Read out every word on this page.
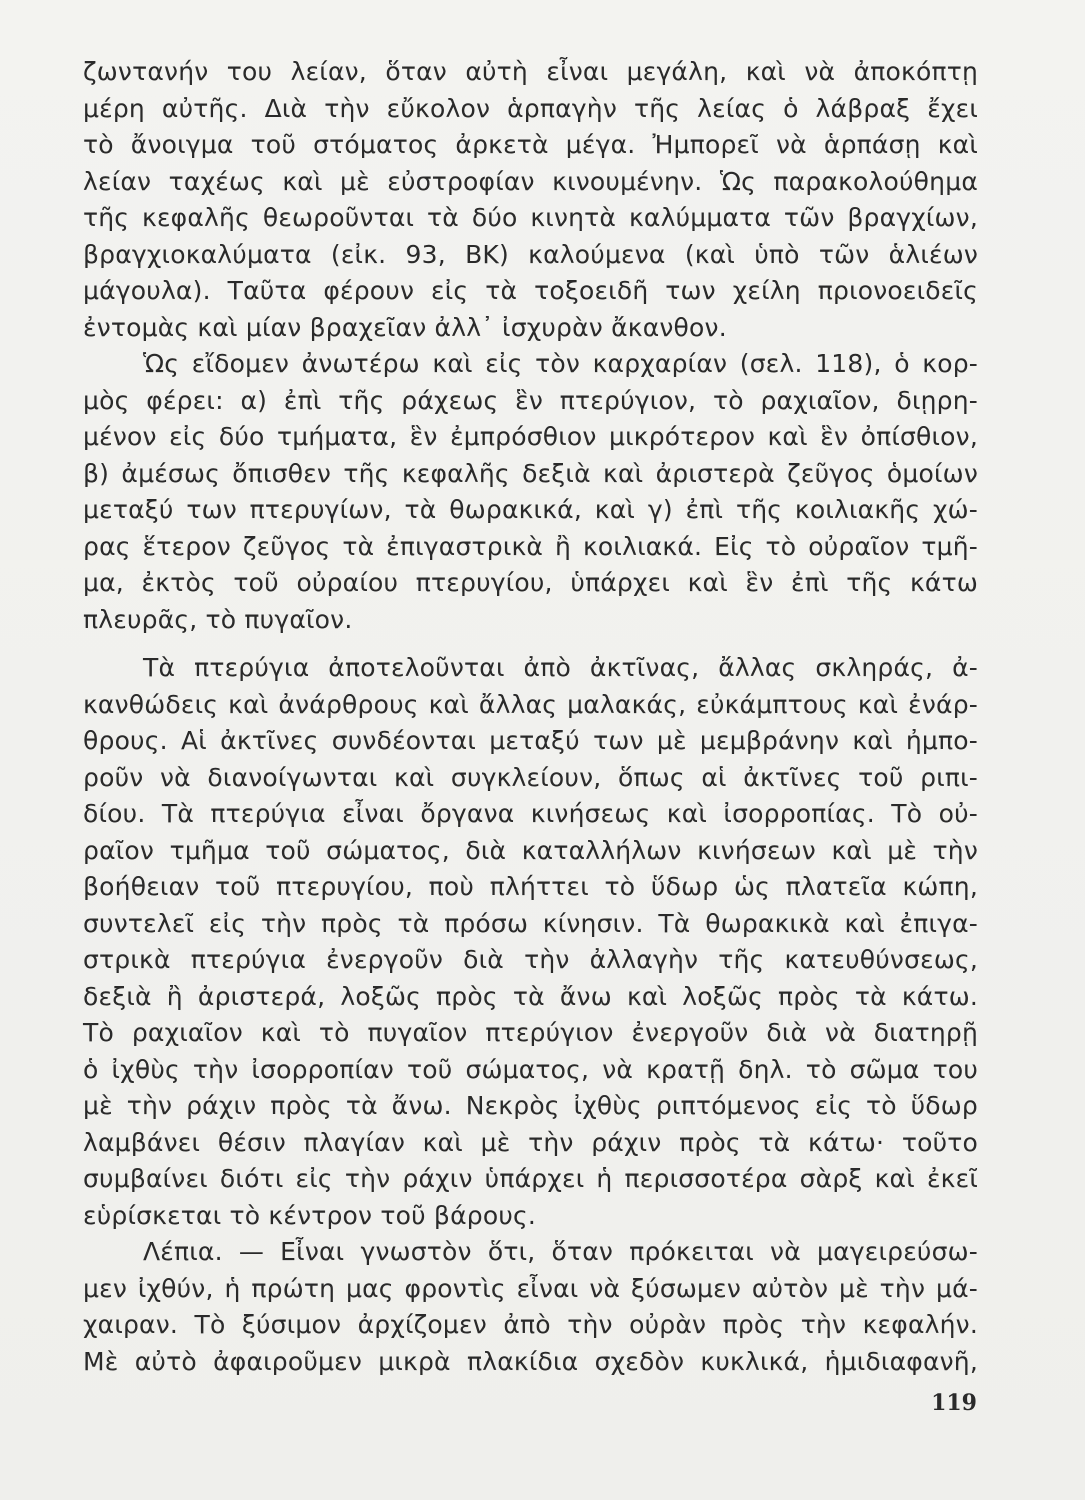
ζωντανήν του λείαν, ὅταν αὐτὴ εἶναι μεγάλη, καὶ νὰ ἀποκόπτῃ
μέρη αὐτῆς. Διὰ τὴν εὔκολον ἁρπαγὴν τῆς λείας ὁ λάβραξ ἔχει
τὸ ἄνοιγμα τοῦ στόματος ἀρκετὰ μέγα. Ἠμπορεῖ νὰ ἁρπάσῃ καὶ
λείαν ταχέως καὶ μὲ εὐστροφίαν κινουμένην. Ὡς παρακολούθημα
τῆς κεφαλῆς θεωροῦνται τὰ δύο κινητὰ καλύμματα τῶν βραγχίων,
βραγχιοκαλύματα (εἰκ. 93, ΒΚ) καλούμενα (καὶ ὑπὸ τῶν ἁλιέων
μάγουλα). Ταῦτα φέρουν εἰς τὰ τοξοειδῆ των χείλη πριονοειδεῖς
ἐντομὰς καὶ μίαν βραχεῖαν ἀλλ᾽ ἰσχυρὰν ἄκανθον.
Ὡς εἴδομεν ἀνωτέρω καὶ εἰς τὸν καρχαρίαν (σελ. 118), ὁ κορ-
μὸς φέρει: α) ἐπὶ τῆς ράχεως ἓν πτερύγιον, τὸ ραχιαῖον, διῃρη-
μένον εἰς δύο τμήματα, ἓν ἐμπρόσθιον μικρότερον καὶ ἓν ὀπίσθιον,
β) ἀμέσως ὄπισθεν τῆς κεφαλῆς δεξιὰ καὶ ἀριστερὰ ζεῦγος ὁμοίων
μεταξύ των πτερυγίων, τὰ θωρακικά, καὶ γ) ἐπὶ τῆς κοιλιακῆς χώ-
ρας ἕτερον ζεῦγος τὰ ἐπιγαστρικὰ ἢ κοιλιακά. Εἰς τὸ οὐραῖον τμῆ-
μα, ἐκτὸς τοῦ οὐραίου πτερυγίου, ὑπάρχει καὶ ἓν ἐπὶ τῆς κάτω
πλευρᾶς, τὸ πυγαῖον.
Τὰ πτερύγια ἀποτελοῦνται ἀπὸ ἀκτῖνας, ἄλλας σκληράς, ἀ-
κανθώδεις καὶ ἀνάρθρους καὶ ἄλλας μαλακάς, εὐκάμπτους καὶ ἐνάρ-
θρους. Αἱ ἀκτῖνες συνδέονται μεταξύ των μὲ μεμβράνην καὶ ἠμπο-
ροῦν νὰ διανοίγωνται καὶ συγκλείουν, ὅπως αἱ ἀκτῖνες τοῦ ριπι-
δίου. Τὰ πτερύγια εἶναι ὄργανα κινήσεως καὶ ἰσορροπίας. Τὸ οὐ-
ραῖον τμῆμα τοῦ σώματος, διὰ καταλλήλων κινήσεων καὶ μὲ τὴν
βοήθειαν τοῦ πτερυγίου, ποὺ πλήττει τὸ ὕδωρ ὡς πλατεῖα κώπη,
συντελεῖ εἰς τὴν πρὸς τὰ πρόσω κίνησιν. Τὰ θωρακικὰ καὶ ἐπιγα-
στρικὰ πτερύγια ἐνεργοῦν διὰ τὴν ἀλλαγὴν τῆς κατευθύνσεως,
δεξιὰ ἢ ἀριστερά, λοξῶς πρὸς τὰ ἄνω καὶ λοξῶς πρὸς τὰ κάτω.
Τὸ ραχιαῖον καὶ τὸ πυγαῖον πτερύγιον ἐνεργοῦν διὰ νὰ διατηρῇ
ὁ ἰχθὺς τὴν ἰσορροπίαν τοῦ σώματος, νὰ κρατῇ δηλ. τὸ σῶμα του
μὲ τὴν ράχιν πρὸς τὰ ἄνω. Νεκρὸς ἰχθὺς ριπτόμενος εἰς τὸ ὕδωρ
λαμβάνει θέσιν πλαγίαν καὶ μὲ τὴν ράχιν πρὸς τὰ κάτω· τοῦτο
συμβαίνει διότι εἰς τὴν ράχιν ὑπάρχει ἡ περισσοτέρα σὰρξ καὶ ἐκεῖ
εὑρίσκεται τὸ κέντρον τοῦ βάρους.
Λέπια. — Εἶναι γνωστὸν ὅτι, ὅταν πρόκειται νὰ μαγειρεύσω-
μεν ἰχθύν, ἡ πρώτη μας φροντὶς εἶναι νὰ ξύσωμεν αὐτὸν μὲ τὴν μά-
χαιραν. Τὸ ξύσιμον ἀρχίζομεν ἀπὸ τὴν οὐρὰν πρὸς τὴν κεφαλήν.
Μὲ αὐτὸ ἀφαιροῦμεν μικρὰ πλακίδια σχεδὸν κυκλικά, ἡμιδιαφανῆ,
119
